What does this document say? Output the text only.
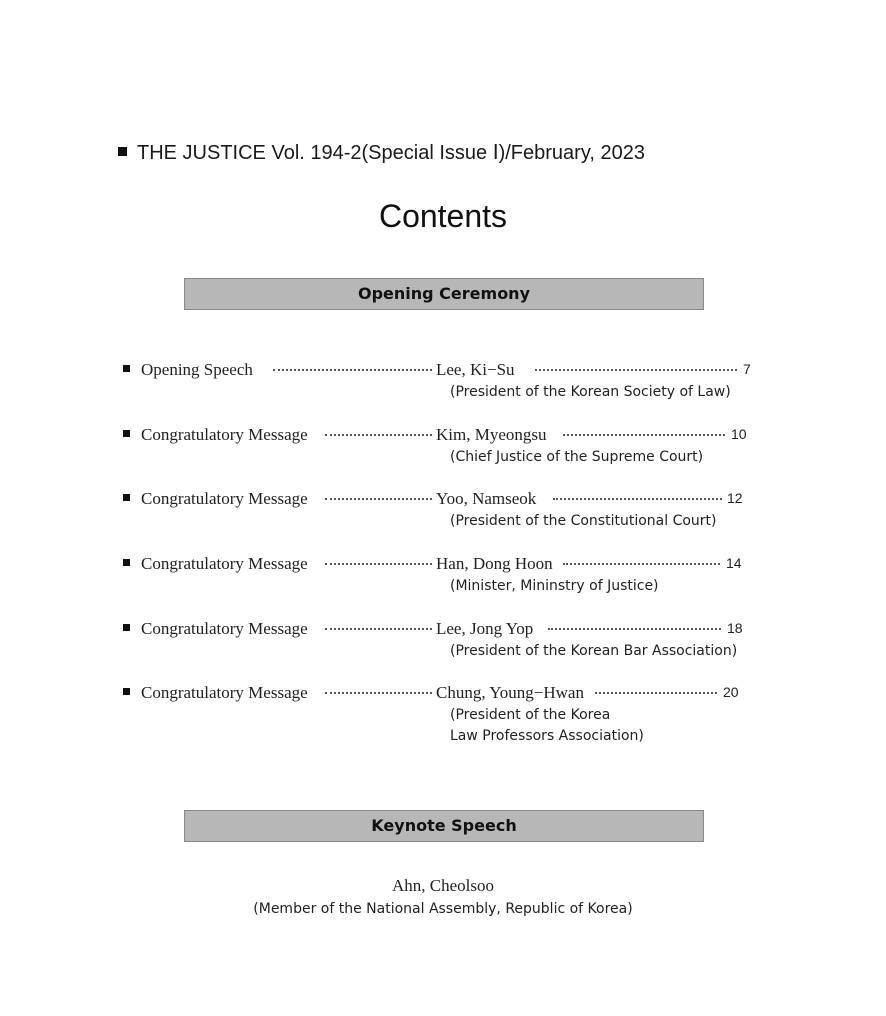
THE JUSTICE Vol. 194-2(Special Issue Ⅰ)/February, 2023
Contents
Opening Ceremony
Opening Speech	Lee, Ki−Su	7
(President of the Korean Society of Law)
Congratulatory Message	Kim, Myeongsu	10
(Chief Justice of the Supreme Court)
Congratulatory Message	Yoo, Namseok	12
(President of the Constitutional Court)
Congratulatory Message	Han, Dong Hoon	14
(Minister, Mininstry of Justice)
Congratulatory Message	Lee, Jong Yop	18
(President of the Korean Bar Association)
Congratulatory Message	Chung, Young−Hwan	20
(President of the Korea
Law Professors Association)
Keynote Speech
Ahn, Cheolsoo
(Member of the National Assembly, Republic of Korea)
